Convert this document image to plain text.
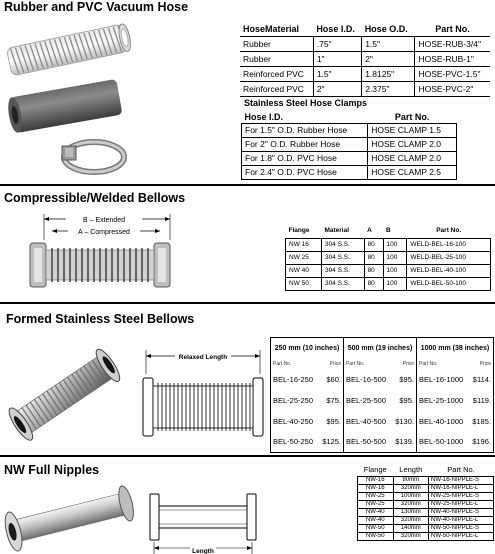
Rubber and PVC Vacuum Hose
HoseMaterial	Hose I.D.	Hose O.D.	Part No.
Rubber	.75"	1.5"	HOSE-RUB-3/4"
Rubber	1"	2"	HOSE-RUB-1"
Reinforced PVC	1.5"	1.8125"	HOSE-PVC-1.5"
Reinforced PVC	2"	2.375"	HOSE-PVC-2"
Stainless Steel Hose Clamps
Hose I.D.	Part No.
For 1.5" O.D. Rubber Hose	HOSE CLAMP 1.5
For 2" O.D. Rubber Hose	HOSE CLAMP 2.0
For 1.8" O.D. PVC Hose	HOSE CLAMP 2.0
For 2.4" O.D. PVC Hose	HOSE CLAMP 2.5
Compressible/Welded Bellows
B – Extended
A – Compressed	Flange	Material	A	B	Part No.
NW 16	304 S.S.	80	100	WELD-BEL-16-100
NW 25	304 S.S.	80	100	WELD-BEL-25-100
NW 40	304 S.S.	80	100	WELD-BEL-40-100
NW 50	304 S.S.	80	100	WELD-BEL-50-100
Formed Stainless Steel Bellows
Relaxed Length
250 mm (10 inches)		500 mm (19 inches)		1000 mm (38 inches)	
Part No.	Price	Part No.	Price	Part No.	Price
BEL-16-250	$60.	BEL-16-500	$95.	BEL-16-1000	$114.
BEL-25-250	$75.	BEL-25-500	$95.	BEL-25-1000	$119.
BEL-40-250	$95.	BEL-40-500	$130.	BEL-40-1000	$185.
BEL-50-250	$125.	BEL-50-500	$139.	BEL-50-1000	$196.
NW Full Nipples
Length
Flange	Length	Part No.
NW-16	80mm	NW-16-NIPPLE-S
NW-16	320mm	NW-16-NIPPLE-L
NW-25	100mm	NW-25-NIPPLE-S
NW-25	320mm	NW-25-NIPPLE-L
NW-40	130mm	NW-40-NIPPLE-S
NW-40	320mm	NW-40-NIPPLE-L
NW-50	140mm	NW-50-NIPPLE-S
NW-50	320mm	NW-50-NIPPLE-L
